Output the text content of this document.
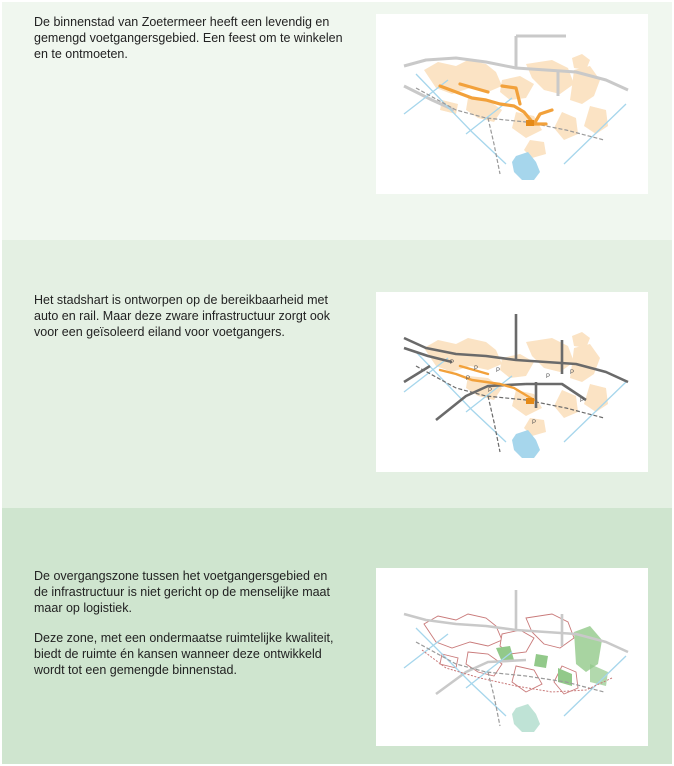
De binnenstad van Zoetermeer heeft een levendig en gemengd voetgangersgebied. Een feest om te winkelen en te ontmoeten.

Het stadshart is ontworpen op de bereikbaarheid met auto en rail. Maar deze zware infrastructuur zorgt ook voor een geïsoleerd eiland voor voetgangers.

P
P	P
P
P
P
P
P
P

De overgangszone tussen het voetgangersgebied en de infrastructuur is niet gericht op de menselijke maat maar op logistiek.

Deze zone, met een ondermaatse ruimtelijke kwaliteit, biedt de ruimte én kansen wanneer deze ontwikkeld wordt tot een gemengde binnenstad.
